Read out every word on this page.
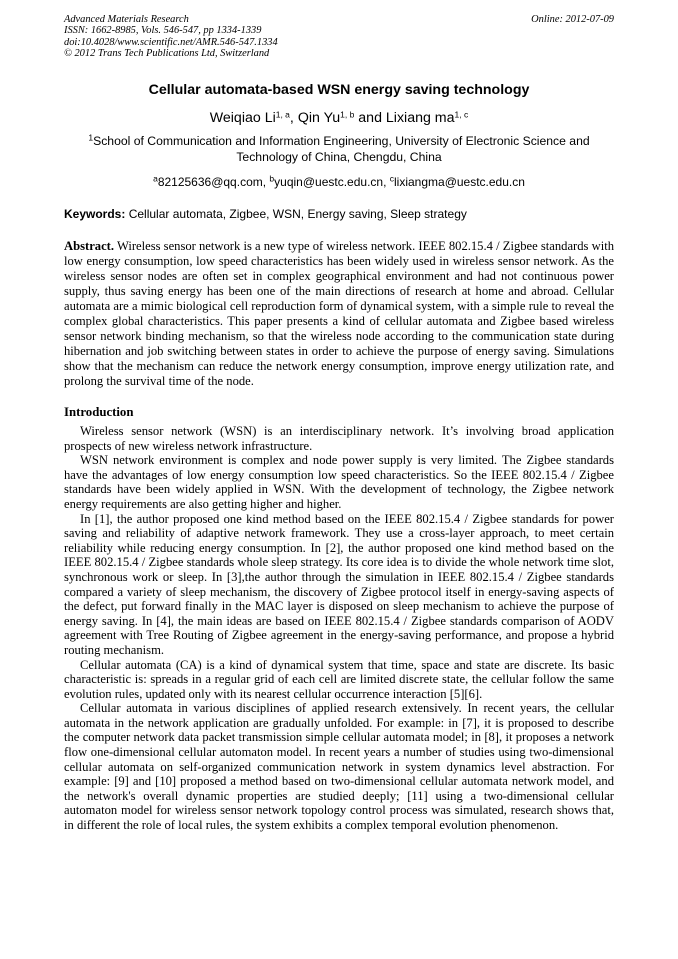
Advanced Materials Research
ISSN: 1662-8985, Vols. 546-547, pp 1334-1339
doi:10.4028/www.scientific.net/AMR.546-547.1334
© 2012 Trans Tech Publications Ltd, Switzerland
Online: 2012-07-09
Cellular automata-based WSN energy saving technology
Weiqiao Li$^{1, a}$, Qin Yu$^{1, b}$ and Lixiang ma$^{1, c}$
$^1$School of Communication and Information Engineering, University of Electronic Science and Technology of China, Chengdu, China
$^a$82125636@qq.com, $^b$yuqin@uestc.edu.cn, $^c$lixiangma@uestc.edu.cn
Keywords: Cellular automata, Zigbee, WSN, Energy saving, Sleep strategy
Abstract. Wireless sensor network is a new type of wireless network. IEEE 802.15.4 / Zigbee standards with low energy consumption, low speed characteristics has been widely used in wireless sensor network. As the wireless sensor nodes are often set in complex geographical environment and had not continuous power supply, thus saving energy has been one of the main directions of research at home and abroad. Cellular automata are a mimic biological cell reproduction form of dynamical system, with a simple rule to reveal the complex global characteristics. This paper presents a kind of cellular automata and Zigbee based wireless sensor network binding mechanism, so that the wireless node according to the communication state during hibernation and job switching between states in order to achieve the purpose of energy saving. Simulations show that the mechanism can reduce the network energy consumption, improve energy utilization rate, and prolong the survival time of the node.
Introduction

Wireless sensor network (WSN) is an interdisciplinary network. It’s involving broad application prospects of new wireless network infrastructure.

WSN network environment is complex and node power supply is very limited. The Zigbee standards have the advantages of low energy consumption low speed characteristics. So the IEEE 802.15.4 / Zigbee standards have been widely applied in WSN. With the development of technology, the Zigbee network energy requirements are also getting higher and higher.

In [1], the author proposed one kind method based on the IEEE 802.15.4 / Zigbee standards for power saving and reliability of adaptive network framework. They use a cross-layer approach, to meet certain reliability while reducing energy consumption. In [2], the author proposed one kind method based on the IEEE 802.15.4 / Zigbee standards whole sleep strategy. Its core idea is to divide the whole network time slot, synchronous work or sleep. In [3],the author through the simulation in IEEE 802.15.4 / Zigbee standards compared a variety of sleep mechanism, the discovery of Zigbee protocol itself in energy-saving aspects of the defect, put forward finally in the MAC layer is disposed on sleep mechanism to achieve the purpose of energy saving. In [4], the main ideas are based on IEEE 802.15.4 / Zigbee standards comparison of AODV agreement with Tree Routing of Zigbee agreement in the energy-saving performance, and propose a hybrid routing mechanism.

Cellular automata (CA) is a kind of dynamical system that time, space and state are discrete. Its basic characteristic is: spreads in a regular grid of each cell are limited discrete state, the cellular follow the same evolution rules, updated only with its nearest cellular occurrence interaction [5][6].

Cellular automata in various disciplines of applied research extensively. In recent years, the cellular automata in the network application are gradually unfolded. For example: in [7], it is proposed to describe the computer network data packet transmission simple cellular automata model; in [8], it proposes a network flow one-dimensional cellular automaton model. In recent years a number of studies using two-dimensional cellular automata on self-organized communication network in system dynamics level abstraction. For example: [9] and [10] proposed a method based on two-dimensional cellular automata network model, and the network's overall dynamic properties are studied deeply; [11] using a two-dimensional cellular automaton model for wireless sensor network topology control process was simulated, research shows that, in different the role of local rules, the system exhibits a complex temporal evolution phenomenon.
